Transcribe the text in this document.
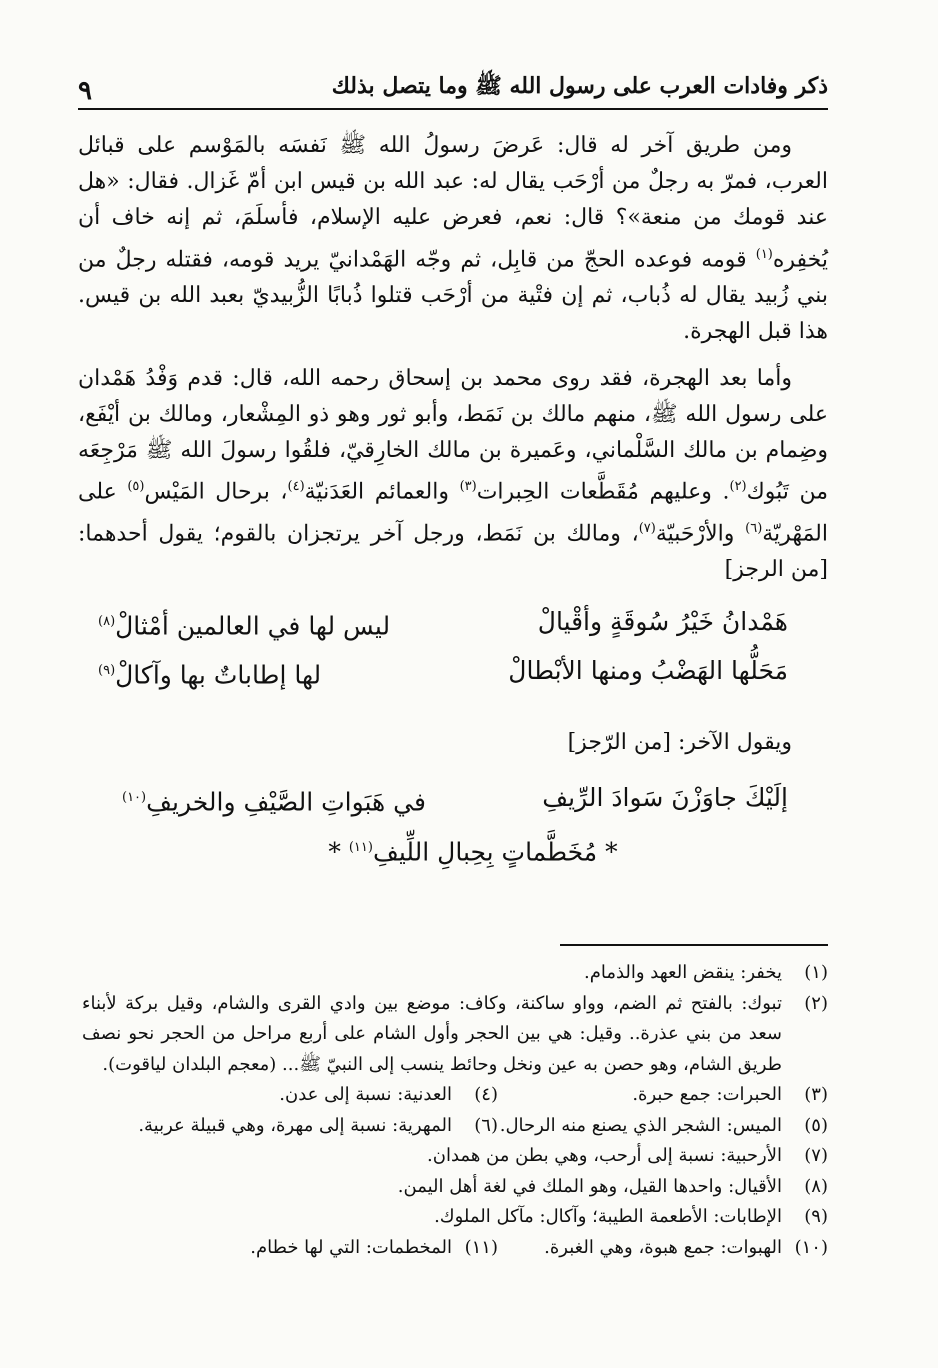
ذكر وفادات العرب على رسول الله ﷺ وما يتصل بذلك
٩

ومن طريق آخر له قال: عَرضَ رسولُ الله ﷺ نَفسَه بالمَوْسم على قبائل العرب، فمرّ به رجلٌ من أرْحَب يقال له: عبد الله بن قيس ابن أمّ غَزال. فقال: «هل عند قومك من منعة»؟ قال: نعم، فعرض عليه الإسلام، فأسلَمَ، ثم إنه خاف أن يُخفِره$^{(١)}$ قومه فوعده الحجّ من قابِل، ثم وجّه الهَمْدانيّ يريد قومه، فقتله رجلٌ من بني زُبيد يقال له ذُباب، ثم إن فتْية من أرْحَب قتلوا ذُبابًا الزُّبيديّ بعبد الله بن قيس. هذا قبل الهجرة.

وأما بعد الهجرة، فقد روى محمد بن إسحاق رحمه الله، قال: قدم وَفْدُ هَمْدان على رسول الله ﷺ، منهم مالك بن نَمَط، وأبو ثور وهو ذو المِشْعار، ومالك بن أيْفَع، وضِمام بن مالك السَّلْماني، وعَميرة بن مالك الخارِقيّ، فلقُوا رسولَ الله ﷺ مَرْجِعَه من تَبُوك$^{(٢)}$. وعليهم مُقَطَّعات الحِبرات$^{(٣)}$ والعمائم العَدَنيّة$^{(٤)}$، برحال المَيْس$^{(٥)}$ على المَهْريّة$^{(٦)}$ والأرْحَبيّة$^{(٧)}$، ومالك بن نَمَط، ورجل آخر يرتجزان بالقوم؛ يقول أحدهما: [من الرجز]

هَمْدانُ خَيْرُ سُوقَةٍ وأقْيالْ
ليس لها في العالمين أمْثالْ$^{(٨)}$
مَحَلُّها الهَضْبُ ومنها الأبْطالْ
لها إطاباتٌ بها وآكالْ$^{(٩)}$

ويقول الآخر: [من الرّجز]

إلَيْكَ جاوَزْنَ سَوادَ الرِّيفِ
في هَبَواتِ الصَّيْفِ والخريفِ$^{(١٠)}$
* مُخَطَّماتٍ بِحِبالِ اللِّيفِ$^{(١١)}$ *
(١)
يخفر: ينقض العهد والذمام.
(٢)
تبوك: بالفتح ثم الضم، وواو ساكنة، وكاف: موضع بين وادي القرى والشام، وقيل بركة لأبناء سعد من بني عذرة.. وقيل: هي بين الحجر وأول الشام على أربع مراحل من الحجر نحو نصف طريق الشام، وهو حصن به عين ونخل وحائط ينسب إلى النبيّ ﷺ... (معجم البلدان لياقوت).
(٣)
الحبرات: جمع حبرة.
(٤)
العدنية: نسبة إلى عدن.
(٥)
الميس: الشجر الذي يصنع منه الرحال.
(٦)
المهرية: نسبة إلى مهرة، وهي قبيلة عربية.
(٧)
الأرحبية: نسبة إلى أرحب، وهي بطن من همدان.
(٨)
الأقيال: واحدها القيل، وهو الملك في لغة أهل اليمن.
(٩)
الإطابات: الأطعمة الطيبة؛ وآكال: مآكل الملوك.
(١٠)
الهبوات: جمع هبوة، وهي الغبرة.
(١١)
المخطمات: التي لها خطام.
